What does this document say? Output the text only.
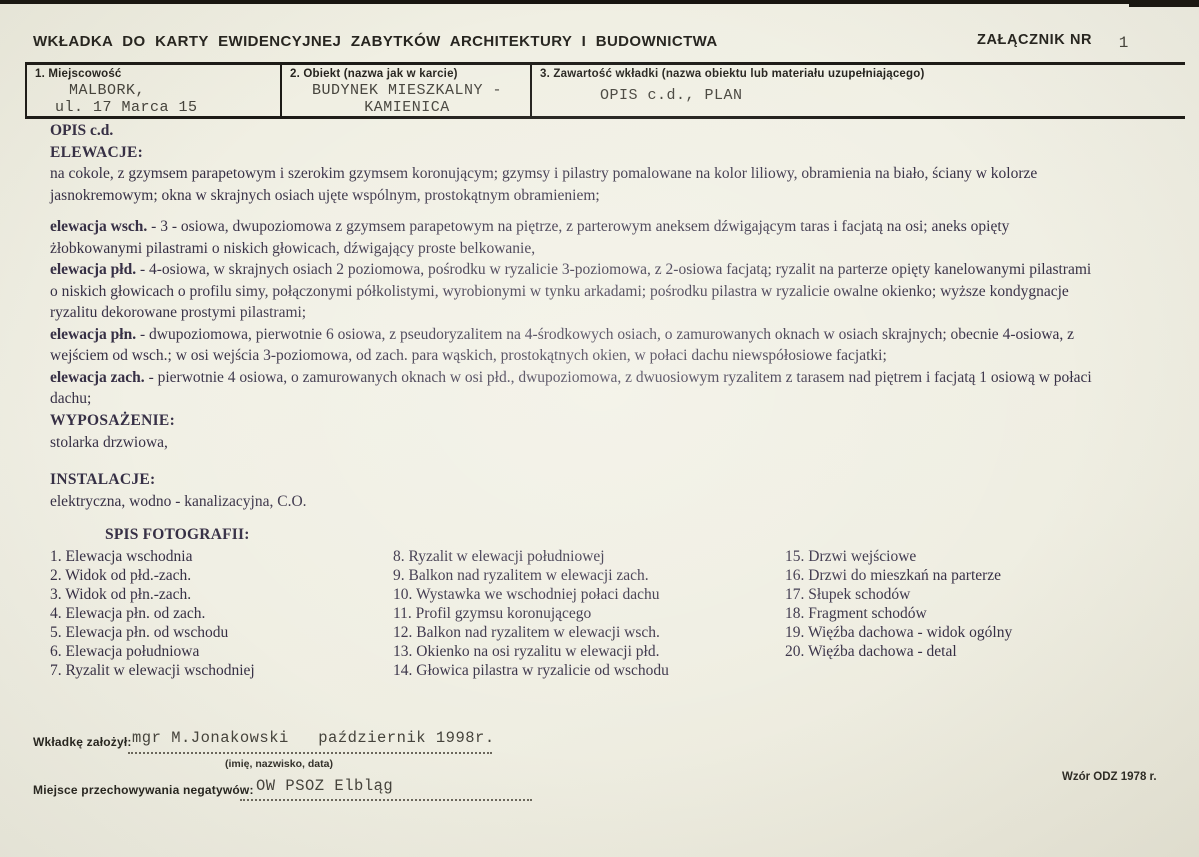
WKŁADKA DO KARTY EWIDENCYJNEJ ZABYTKÓW ARCHITEKTURY I BUDOWNICTWA	ZAŁĄCZNIK NR 1
1. Miejscowość
MALBORK,
ul. 17 Marca 15
2. Obiekt (nazwa jak w karcie)
BUDYNEK MIESZKALNY -
KAMIENICA
3. Zawartość wkładki (nazwa obiektu lub materiału uzupełniającego)
OPIS c.d., PLAN

OPIS c.d.

ELEWACJE:

na cokole, z gzymsem parapetowym i szerokim gzymsem koronującym; gzymsy i pilastry pomalowane na kolor liliowy, obramienia na biało, ściany w kolorze jasnokremowym; okna w skrajnych osiach ujęte wspólnym, prostokątnym obramieniem;

elewacja wsch. - 3 - osiowa, dwupoziomowa z gzymsem parapetowym na piętrze, z parterowym aneksem dźwigającym taras i facjatą na osi; aneks opięty żłobkowanymi pilastrami o niskich głowicach, dźwigający proste belkowanie,

elewacja płd. - 4-osiowa, w skrajnych osiach 2 poziomowa, pośrodku w ryzalicie 3-poziomowa, z 2-osiowa facjatą; ryzalit na parterze opięty kanelowanymi pilastrami o niskich głowicach o profilu simy, połączonymi półkolistymi, wyrobionymi w tynku arkadami; pośrodku pilastra w ryzalicie owalne okienko; wyższe kondygnacje ryzalitu dekorowane prostymi pilastrami;

elewacja płn. - dwupoziomowa, pierwotnie 6 osiowa, z pseudoryzalitem na 4-środkowych osiach, o zamurowanych oknach w osiach skrajnych; obecnie 4-osiowa, z wejściem od wsch.; w osi wejścia 3-poziomowa, od zach. para wąskich, prostokątnych okien, w połaci dachu niewspółosiowe facjatki;

elewacja zach. - pierwotnie 4 osiowa, o zamurowanych oknach w osi płd., dwupoziomowa, z dwuosiowym ryzalitem z tarasem nad piętrem i facjatą 1 osiową w połaci dachu;

WYPOSAŻENIE:

stolarka drzwiowa,

INSTALACJE:

elektryczna, wodno - kanalizacyjna, C.O.

SPIS FOTOGRAFII:
1. Elewacja wschodnia
2. Widok od płd.-zach.
3. Widok od płn.-zach.
4. Elewacja płn. od zach.
5. Elewacja płn. od wschodu
6. Elewacja południowa
7. Ryzalit w elewacji wschodniej
8. Ryzalit w elewacji południowej
9. Balkon nad ryzalitem w elewacji zach.
10. Wystawka we wschodniej połaci dachu
11. Profil gzymsu koronującego
12. Balkon nad ryzalitem w elewacji wsch.
13. Okienko na osi ryzalitu w elewacji płd.
14. Głowica pilastra w ryzalicie od wschodu
15. Drzwi wejściowe
16. Drzwi do mieszkań na parterze
17. Słupek schodów
18. Fragment schodów
19. Więźba dachowa - widok ogólny
20. Więźba dachowa - detal
Wkładkę założył: mgr M.Jonakowski   październik 1998r.
(imię, nazwisko, data)
Miejsce przechowywania negatywów: OW PSOZ Elbląg	Wzór ODZ 1978 r.
